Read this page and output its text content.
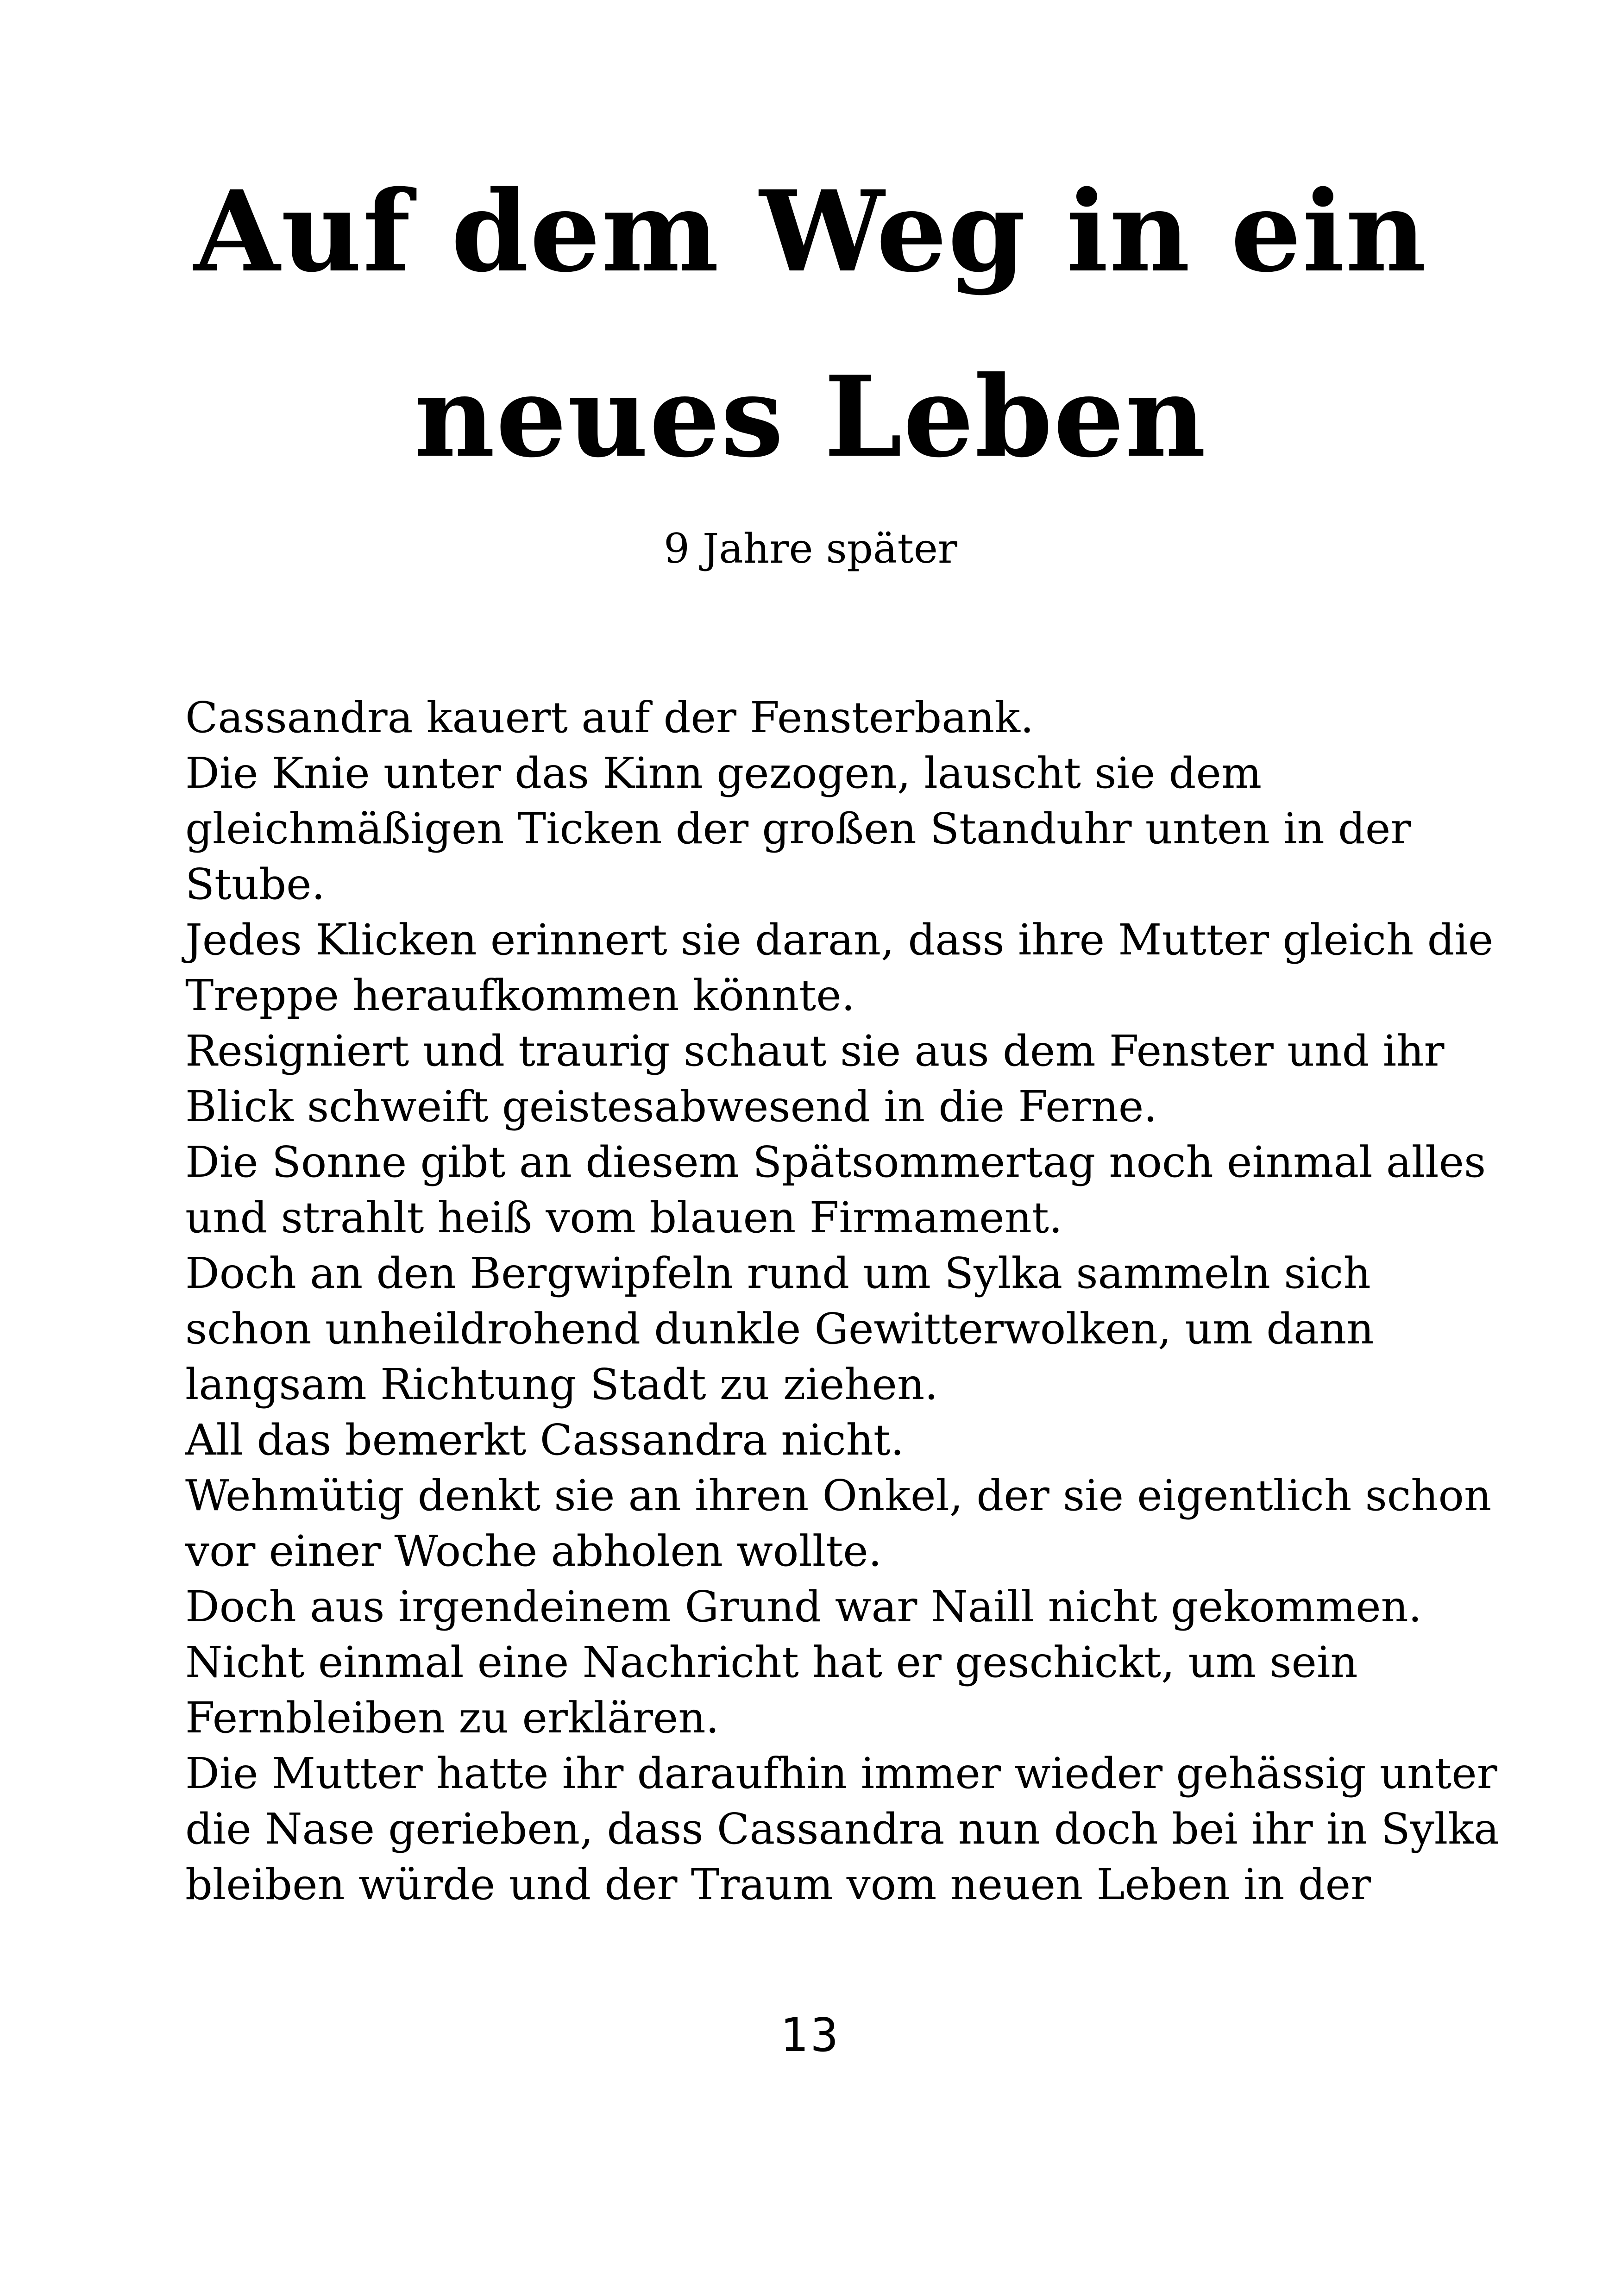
Auf dem Weg in ein
neues Leben
9 Jahre später
Cassandra kauert auf der Fensterbank.
Die Knie unter das Kinn gezogen, lauscht sie dem
gleichmäßigen Ticken der großen Standuhr unten in der
Stube.
Jedes Klicken erinnert sie daran, dass ihre Mutter gleich die
Treppe heraufkommen könnte.
Resigniert und traurig schaut sie aus dem Fenster und ihr
Blick schweift geistesabwesend in die Ferne.
Die Sonne gibt an diesem Spätsommertag noch einmal alles
und strahlt heiß vom blauen Firmament.
Doch an den Bergwipfeln rund um Sylka sammeln sich
schon unheildrohend dunkle Gewitterwolken, um dann
langsam Richtung Stadt zu ziehen.
All das bemerkt Cassandra nicht.
Wehmütig denkt sie an ihren Onkel, der sie eigentlich schon
vor einer Woche abholen wollte.
Doch aus irgendeinem Grund war Naill nicht gekommen.
Nicht einmal eine Nachricht hat er geschickt, um sein
Fernbleiben zu erklären.
Die Mutter hatte ihr daraufhin immer wieder gehässig unter
die Nase gerieben, dass Cassandra nun doch bei ihr in Sylka
bleiben würde und der Traum vom neuen Leben in der
13
